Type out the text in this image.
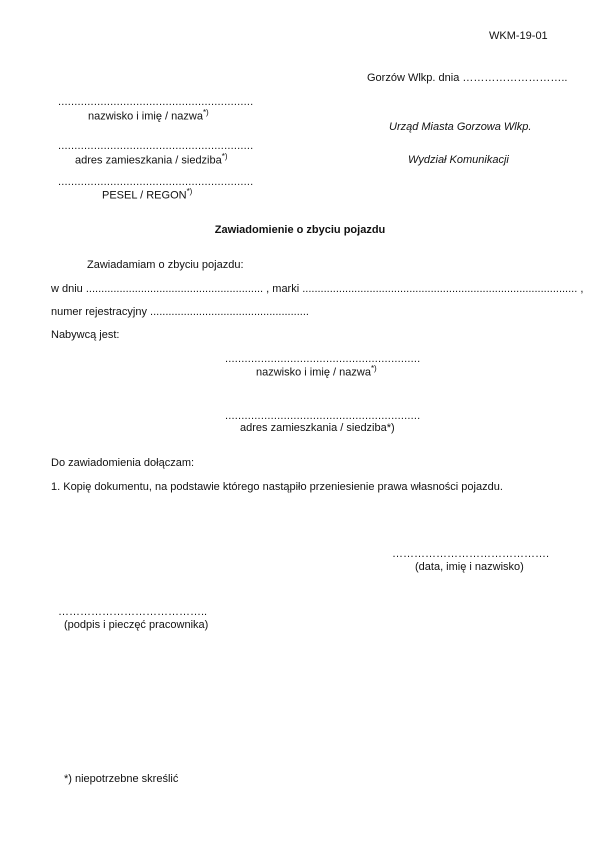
WKM-19-01
Gorzów Wlkp. dnia ………………………..
Urząd Miasta Gorzowa Wlkp.
Wydział Komunikacji
............................................................
nazwisko i imię / nazwa*)
............................................................
adres zamieszkania / siedziba*)
............................................................
PESEL / REGON*)
Zawiadomienie o zbyciu pojazdu
Zawiadamiam o zbyciu pojazdu:
w dniu .......................................................... , marki .......................................................................................... ,
numer rejestracyjny ....................................................
Nabywcą jest:
............................................................
nazwisko i imię / nazwa*)
............................................................
adres zamieszkania / siedziba*)
Do zawiadomienia dołączam:
1. Kopię dokumentu, na podstawie którego nastąpiło przeniesienie prawa własności pojazdu.
…………………………………….
(data, imię i nazwisko)
…………………………………..
(podpis i pieczęć pracownika)
*) niepotrzebne skreślić
